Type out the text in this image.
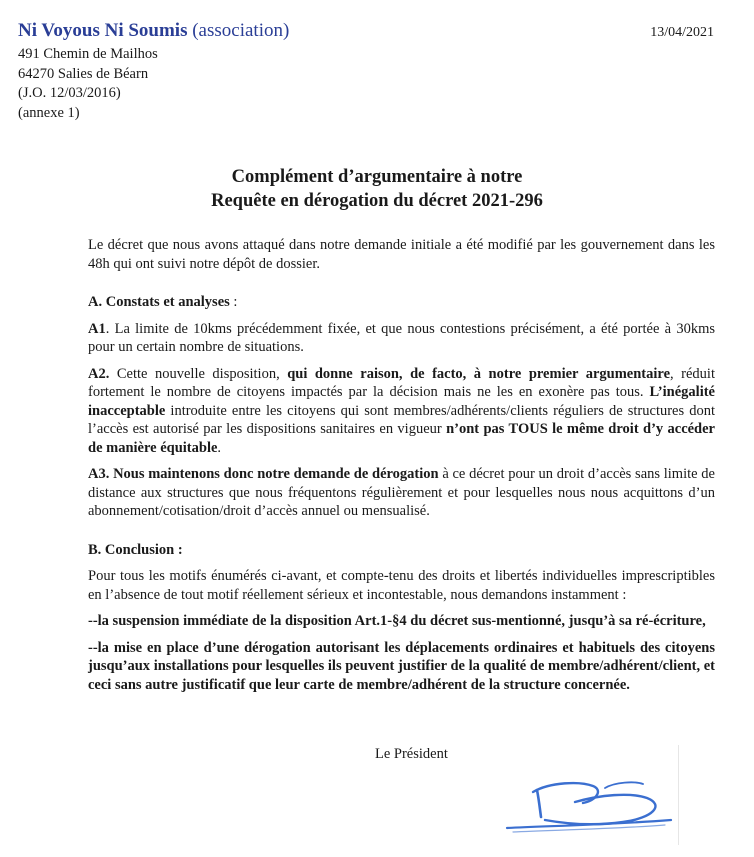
Ni Voyous Ni Soumis (association)	13/04/2021
491 Chemin de Mailhos
64270 Salies de Béarn
(J.O. 12/03/2016)
(annexe 1)
Complément d’argumentaire à notre
Requête en dérogation du décret 2021-296

Le décret que nous avons attaqué dans notre demande initiale a été modifié par les gouvernement dans les 48h qui ont suivi notre dépôt de dossier.

A. Constats et analyses :

A1. La limite de 10kms précédemment fixée, et que nous contestions précisément, a été portée à 30kms pour un certain nombre de situations.

A2. Cette nouvelle disposition, qui donne raison, de facto, à notre premier argumentaire, réduit fortement le nombre de citoyens impactés par la décision mais ne les en exonère pas tous. L’inégalité inacceptable introduite entre les citoyens qui sont membres/adhérents/clients réguliers de structures dont l’accès est autorisé par les dispositions sanitaires en vigueur n’ont pas TOUS le même droit d’y accéder de manière équitable.

A3. Nous maintenons donc notre demande de dérogation à ce décret pour un droit d’accès sans limite de distance aux structures que nous fréquentons régulièrement et pour lesquelles nous nous acquittons d’un abonnement/cotisation/droit d’accès annuel ou mensualisé.

B. Conclusion :

Pour tous les motifs énumérés ci-avant, et compte-tenu des droits et libertés individuelles imprescriptibles en l’absence de tout motif réellement sérieux et incontestable, nous demandons instamment :

--la suspension immédiate de la disposition Art.1-§4 du décret sus-mentionné, jusqu’à sa ré-écriture,

--la mise en place d’une dérogation autorisant les déplacements ordinaires et habituels des citoyens jusqu’aux installations pour lesquelles ils peuvent justifier de la qualité de membre/adhérent/client, et ceci sans autre justificatif que leur carte de membre/adhérent de la structure concernée.

Le Président
